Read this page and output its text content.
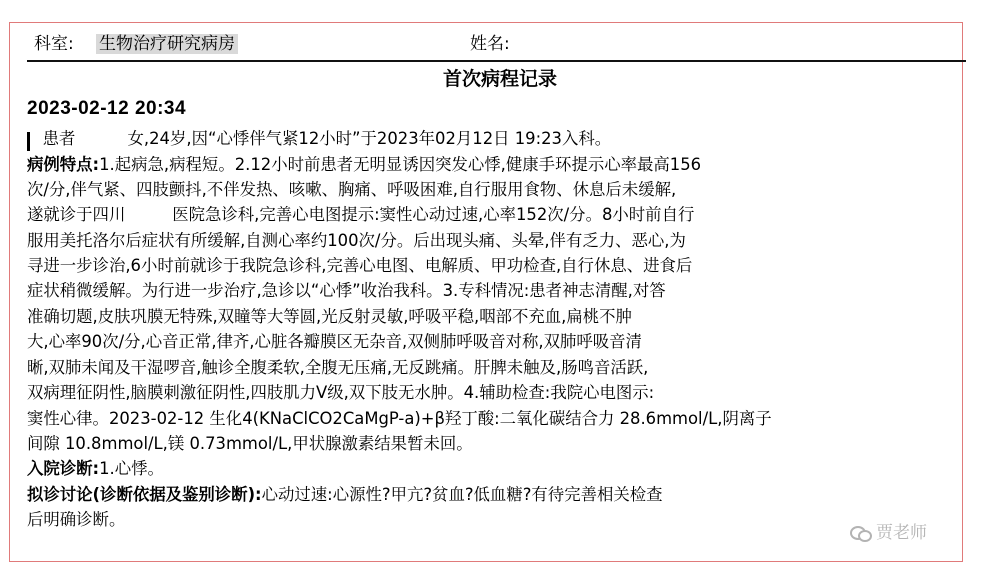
科室: 生物治疗研究病房	姓名:
首次病程记录
2023-02-12 20:34
患者          女,24岁,因“心悸伴气紧12小时”于2023年02月12日 19:23入科。
病例特点:1.起病急,病程短。2.12小时前患者无明显诱因突发心悸,健康手环提示心率最高156
次/分,伴气紧、四肢颤抖,不伴发热、咳嗽、胸痛、呼吸困难,自行服用食物、休息后未缓解,
遂就诊于四川         医院急诊科,完善心电图提示:窦性心动过速,心率152次/分。8小时前自行
服用美托洛尔后症状有所缓解,自测心率约100次/分。后出现头痛、头晕,伴有乏力、恶心,为
寻进一步诊治,6小时前就诊于我院急诊科,完善心电图、电解质、甲功检查,自行休息、进食后
症状稍微缓解。为行进一步治疗,急诊以“心悸”收治我科。3.专科情况:患者神志清醒,对答
准确切题,皮肤巩膜无特殊,双瞳等大等圆,光反射灵敏,呼吸平稳,咽部不充血,扁桃不肿
大,心率90次/分,心音正常,律齐,心脏各瓣膜区无杂音,双侧肺呼吸音对称,双肺呼吸音清
晰,双肺未闻及干湿啰音,触诊全腹柔软,全腹无压痛,无反跳痛。肝脾未触及,肠鸣音活跃,
双病理征阴性,脑膜刺激征阴性,四肢肌力Ⅴ级,双下肢无水肿。4.辅助检查:我院心电图示:
窦性心律。2023-02-12 生化4(KNaClCO2CaMgP-a)+β羟丁酸:二氧化碳结合力 28.6mmol/L,阴离子
间隙 10.8mmol/L,镁 0.73mmol/L,甲状腺激素结果暂未回。
入院诊断:1.心悸。
拟诊讨论(诊断依据及鉴别诊断):心动过速:心源性?甲亢?贫血?低血糖?有待完善相关检查
后明确诊断。
贾老师
